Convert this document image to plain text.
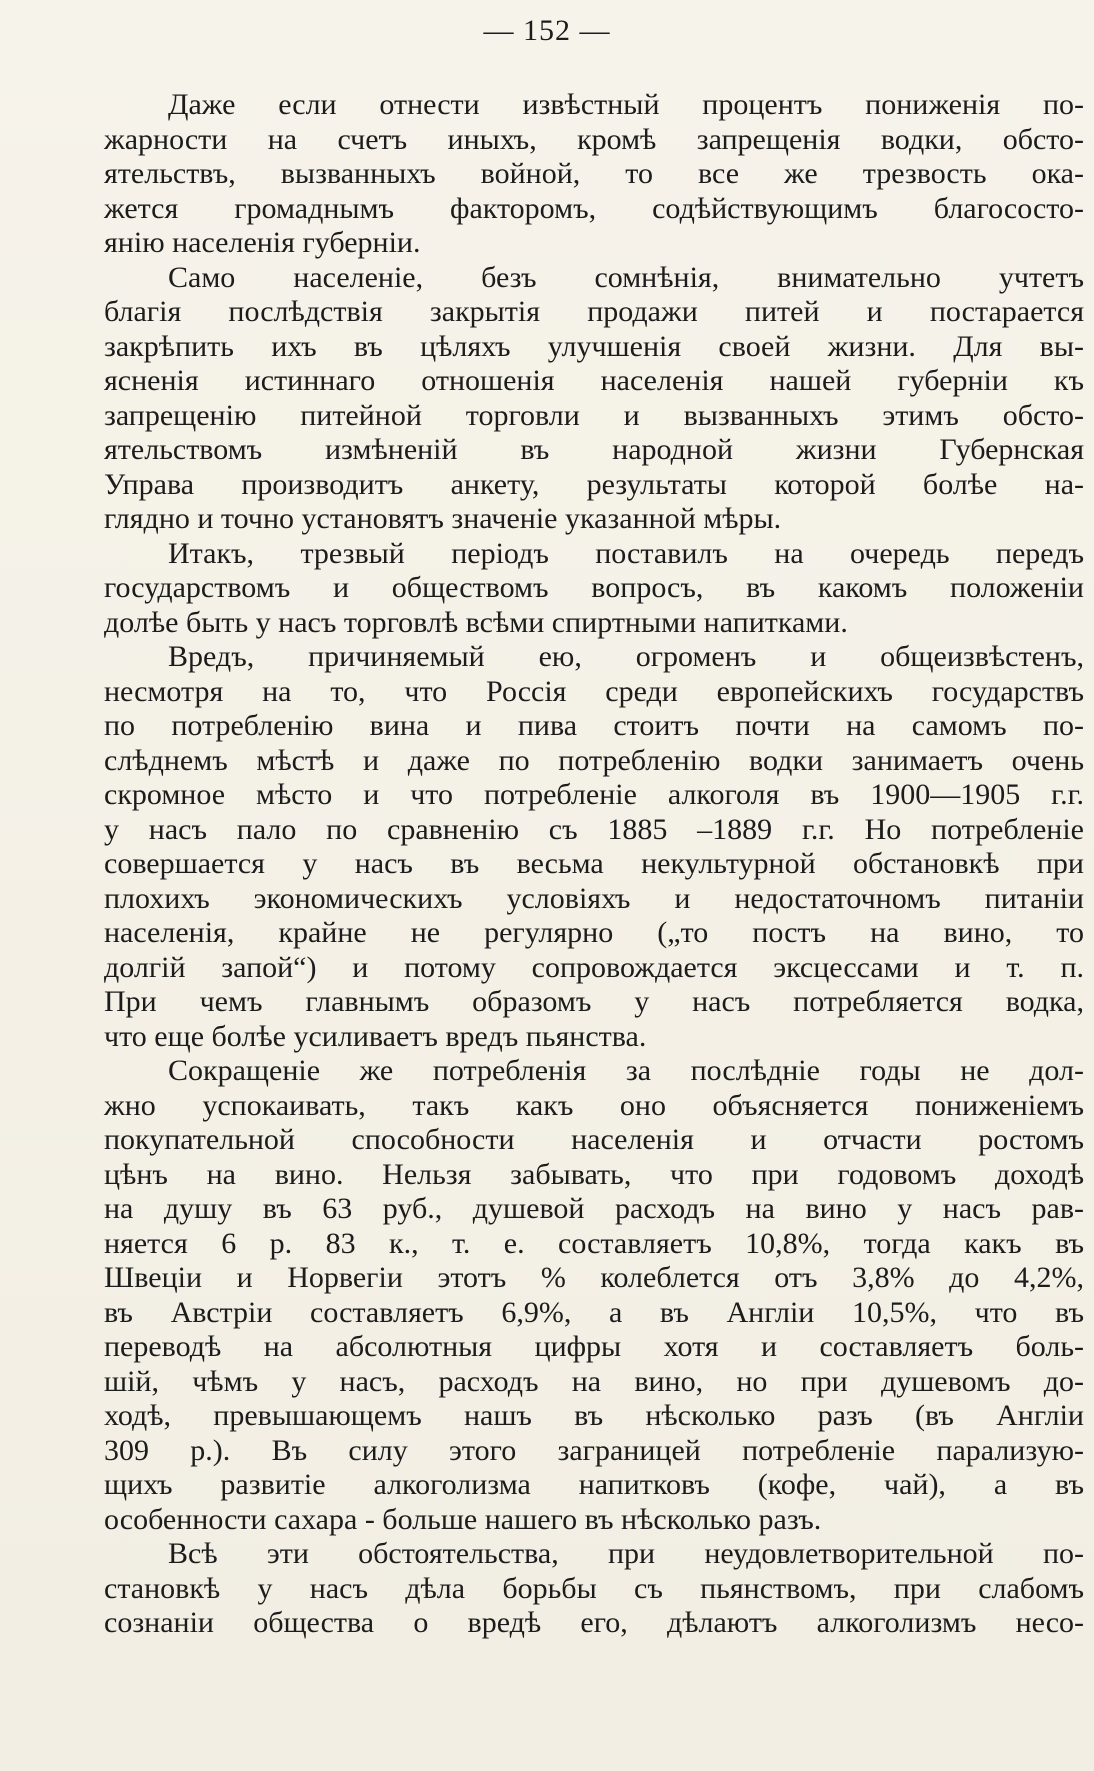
— 152 —
Даже если отнести извѣстный процентъ пониженія по-
жарности на счетъ иныхъ, кромѣ запрещенія водки, обсто-
ятельствъ, вызванныхъ войной, то все же трезвость ока-
жется громаднымъ факторомъ, содѣйствующимъ благососто-
янію населенія губерніи.
Само населеніе, безъ сомнѣнія, внимательно учтетъ
благія послѣдствія закрытія продажи питей и постарается
закрѣпить ихъ въ цѣляхъ улучшенія своей жизни. Для вы-
ясненія истиннаго отношенія населенія нашей губерніи къ
запрещенію питейной торговли и вызванныхъ этимъ обсто-
ятельствомъ измѣненій въ народной жизни Губернская
Управа производитъ анкету, результаты которой болѣе на-
глядно и точно установятъ значеніе указанной мѣры.
Итакъ, трезвый періодъ поставилъ на очередь передъ
государствомъ и обществомъ вопросъ, въ какомъ положеніи
долѣе быть у насъ торговлѣ всѣми спиртными напитками.
Вредъ, причиняемый ею, огроменъ и общеизвѣстенъ,
несмотря на то, что Россія среди европейскихъ государствъ
по потребленію вина и пива стоитъ почти на самомъ по-
слѣднемъ мѣстѣ и даже по потребленію водки занимаетъ очень
скромное мѣсто и что потребленіе алкоголя въ 1900—1905 г.г.
у насъ пало по сравненію съ 1885 –1889 г.г. Но потребленіе
совершается у насъ въ весьма некультурной обстановкѣ при
плохихъ экономическихъ условіяхъ и недостаточномъ питаніи
населенія, крайне не регулярно („то постъ на вино, то
долгій запой“) и потому сопровождается эксцессами и т. п.
При чемъ главнымъ образомъ у насъ потребляется водка,
что еще болѣе усиливаетъ вредъ пьянства.
Сокращеніе же потребленія за послѣдніе годы не дол-
жно успокаивать, такъ какъ оно объясняется пониженіемъ
покупательной способности населенія и отчасти ростомъ
цѣнъ на вино. Нельзя забывать, что при годовомъ доходѣ
на душу въ 63 руб., душевой расходъ на вино у насъ рав-
няется 6 р. 83 к., т. е. составляетъ 10,8%, тогда какъ въ
Швеціи и Норвегіи этотъ % колеблется отъ 3,8% до 4,2%,
въ Австріи составляетъ 6,9%, а въ Англіи 10,5%, что въ
переводѣ на абсолютныя цифры хотя и составляетъ боль-
шій, чѣмъ у насъ, расходъ на вино, но при душевомъ до-
ходѣ, превышающемъ нашъ въ нѣсколько разъ (въ Англіи
309 р.). Въ силу этого заграницей потребленіе парализую-
щихъ развитіе алкоголизма напитковъ (кофе, чай), а въ
особенности сахара - больше нашего въ нѣсколько разъ.
Всѣ эти обстоятельства, при неудовлетворительной по-
становкѣ у насъ дѣла борьбы съ пьянствомъ, при слабомъ
сознаніи общества о вредѣ его, дѣлаютъ алкоголизмъ несо-
